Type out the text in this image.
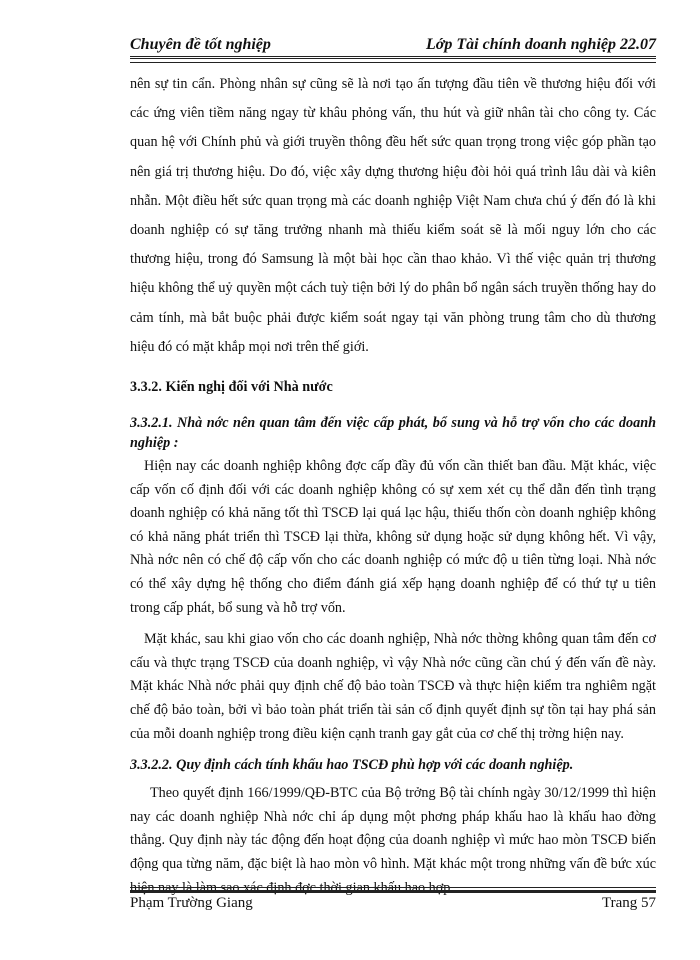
Chuyên đề tốt nghiệp	Lớp Tài chính doanh nghiệp 22.07

nên sự tin cẩn. Phòng nhân sự cũng sẽ là nơi tạo ấn tượng đầu tiên về thương hiệu đối với các ứng viên tiềm năng ngay từ khâu phỏng vấn, thu hút và giữ nhân tài cho công ty. Các quan hệ với Chính phủ và giới truyền thông đều hết sức quan trọng trong việc góp phần tạo nên giá trị thương hiệu. Do đó, việc xây dựng thương hiệu đòi hỏi quá trình lâu dài và kiên nhẫn. Một điều hết sức quan trọng mà các doanh nghiệp Việt Nam chưa chú ý đến đó là khi doanh nghiệp có sự tăng trưởng nhanh mà thiếu kiểm soát sẽ là mối nguy lớn cho các thương hiệu, trong đó Samsung là một bài học cần thao khảo. Vì thế việc quản trị thương hiệu không thể uỷ quyền một cách tuỳ tiện bởi lý do phân bổ ngân sách truyền thống hay do cảm tính, mà bắt buộc phải được kiểm soát ngay tại văn phòng trung tâm cho dù thương hiệu đó có mặt khắp mọi nơi trên thế giới.

3.3.2. Kiến nghị đối với Nhà nước
3.3.2.1. Nhà nớc nên quan tâm đến việc cấp phát, bổ sung và hỗ trợ vốn cho các doanh nghiệp :

Hiện nay các doanh nghiệp không đợc cấp đầy đủ vốn cần thiết ban đầu. Mặt khác, việc cấp vốn cố định đối với các doanh nghiệp không có sự xem xét cụ thể dẫn đến tình trạng doanh nghiệp có khả năng tốt thì TSCĐ lại quá lạc hậu, thiếu thốn còn doanh nghiệp không có khả năng phát triển thì TSCĐ lại thừa, không sử dụng hoặc sử dụng không hết. Vì vậy, Nhà nớc nên có chế độ cấp vốn cho các doanh nghiệp có mức độ u tiên từng loại. Nhà nớc có thể xây dựng hệ thống cho điểm đánh giá xếp hạng doanh nghiệp để có thứ tự u tiên trong cấp phát, bổ sung và hỗ trợ vốn.

Mặt khác, sau khi giao vốn cho các doanh nghiệp, Nhà nớc thờng không quan tâm đến cơ cấu và thực trạng TSCĐ của doanh nghiệp, vì vậy Nhà nớc cũng cần chú ý đến vấn đề này. Mặt khác Nhà nớc phải quy định chế độ bảo toàn TSCĐ và thực hiện kiểm tra nghiêm ngặt chế độ bảo toàn, bởi vì bảo toàn phát triển tài sản cố định quyết định sự tồn tại hay phá sản của mỗi doanh nghiệp trong điều kiện cạnh tranh gay gắt của cơ chế thị trờng hiện nay.

3.3.2.2. Quy định cách tính khấu hao TSCĐ phù hợp với các doanh nghiệp.

Theo quyết định 166/1999/QĐ-BTC của Bộ trởng Bộ tài chính ngày 30/12/1999 thì hiện nay các doanh nghiệp Nhà nớc chỉ áp dụng một phơng pháp khấu hao là khấu hao đờng thẳng. Quy định này tác động đến hoạt động của doanh nghiệp vì mức hao mòn TSCĐ biến động qua từng năm, đặc biệt là hao mòn vô hình. Mặt khác một trong những vấn đề bức xúc hiện nay là làm sao xác định đợc thời gian khấu hao hợp

Phạm Trường Giang	Trang 57
